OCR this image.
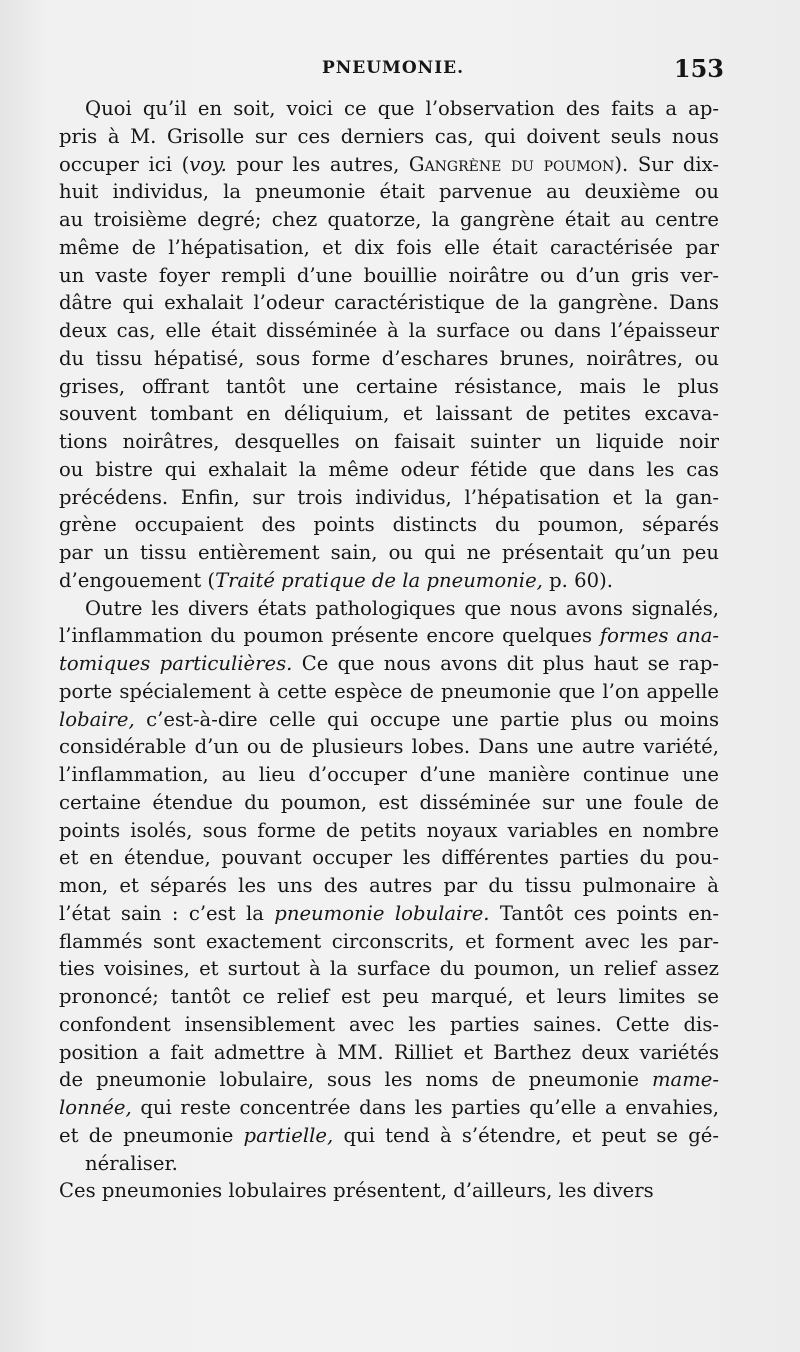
PNEUMONIE.	153
Quoi qu’il en soit, voici ce que l’observation des faits a ap-
pris à M. Grisolle sur ces derniers cas, qui doivent seuls nous
occuper ici (voy. pour les autres, Gangrène du poumon). Sur dix-
huit individus, la pneumonie était parvenue au deuxième ou
au troisième degré; chez quatorze, la gangrène était au centre
même de l’hépatisation, et dix fois elle était caractérisée par
un vaste foyer rempli d’une bouillie noirâtre ou d’un gris ver-
dâtre qui exhalait l’odeur caractéristique de la gangrène. Dans
deux cas, elle était disséminée à la surface ou dans l’épaisseur
du tissu hépatisé, sous forme d’eschares brunes, noirâtres, ou
grises, offrant tantôt une certaine résistance, mais le plus
souvent tombant en déliquium, et laissant de petites excava-
tions noirâtres, desquelles on faisait suinter un liquide noir
ou bistre qui exhalait la même odeur fétide que dans les cas
précédens. Enfin, sur trois individus, l’hépatisation et la gan-
grène occupaient des points distincts du poumon, séparés
par un tissu entièrement sain, ou qui ne présentait qu’un peu
d’engouement (Traité pratique de la pneumonie, p. 60).
Outre les divers états pathologiques que nous avons signalés,
l’inflammation du poumon présente encore quelques formes ana-
tomiques particulières. Ce que nous avons dit plus haut se rap-
porte spécialement à cette espèce de pneumonie que l’on appelle
lobaire, c’est-à-dire celle qui occupe une partie plus ou moins
considérable d’un ou de plusieurs lobes. Dans une autre variété,
l’inflammation, au lieu d’occuper d’une manière continue une
certaine étendue du poumon, est disséminée sur une foule de
points isolés, sous forme de petits noyaux variables en nombre
et en étendue, pouvant occuper les différentes parties du pou-
mon, et séparés les uns des autres par du tissu pulmonaire à
l’état sain : c’est la pneumonie lobulaire. Tantôt ces points en-
flammés sont exactement circonscrits, et forment avec les par-
ties voisines, et surtout à la surface du poumon, un relief assez
prononcé; tantôt ce relief est peu marqué, et leurs limites se
confondent insensiblement avec les parties saines. Cette dis-
position a fait admettre à MM. Rilliet et Barthez deux variétés
de pneumonie lobulaire, sous les noms de pneumonie mame-
lonnée, qui reste concentrée dans les parties qu’elle a envahies,
et de pneumonie partielle, qui tend à s’étendre, et peut se gé-
néraliser.
Ces pneumonies lobulaires présentent, d’ailleurs, les divers
